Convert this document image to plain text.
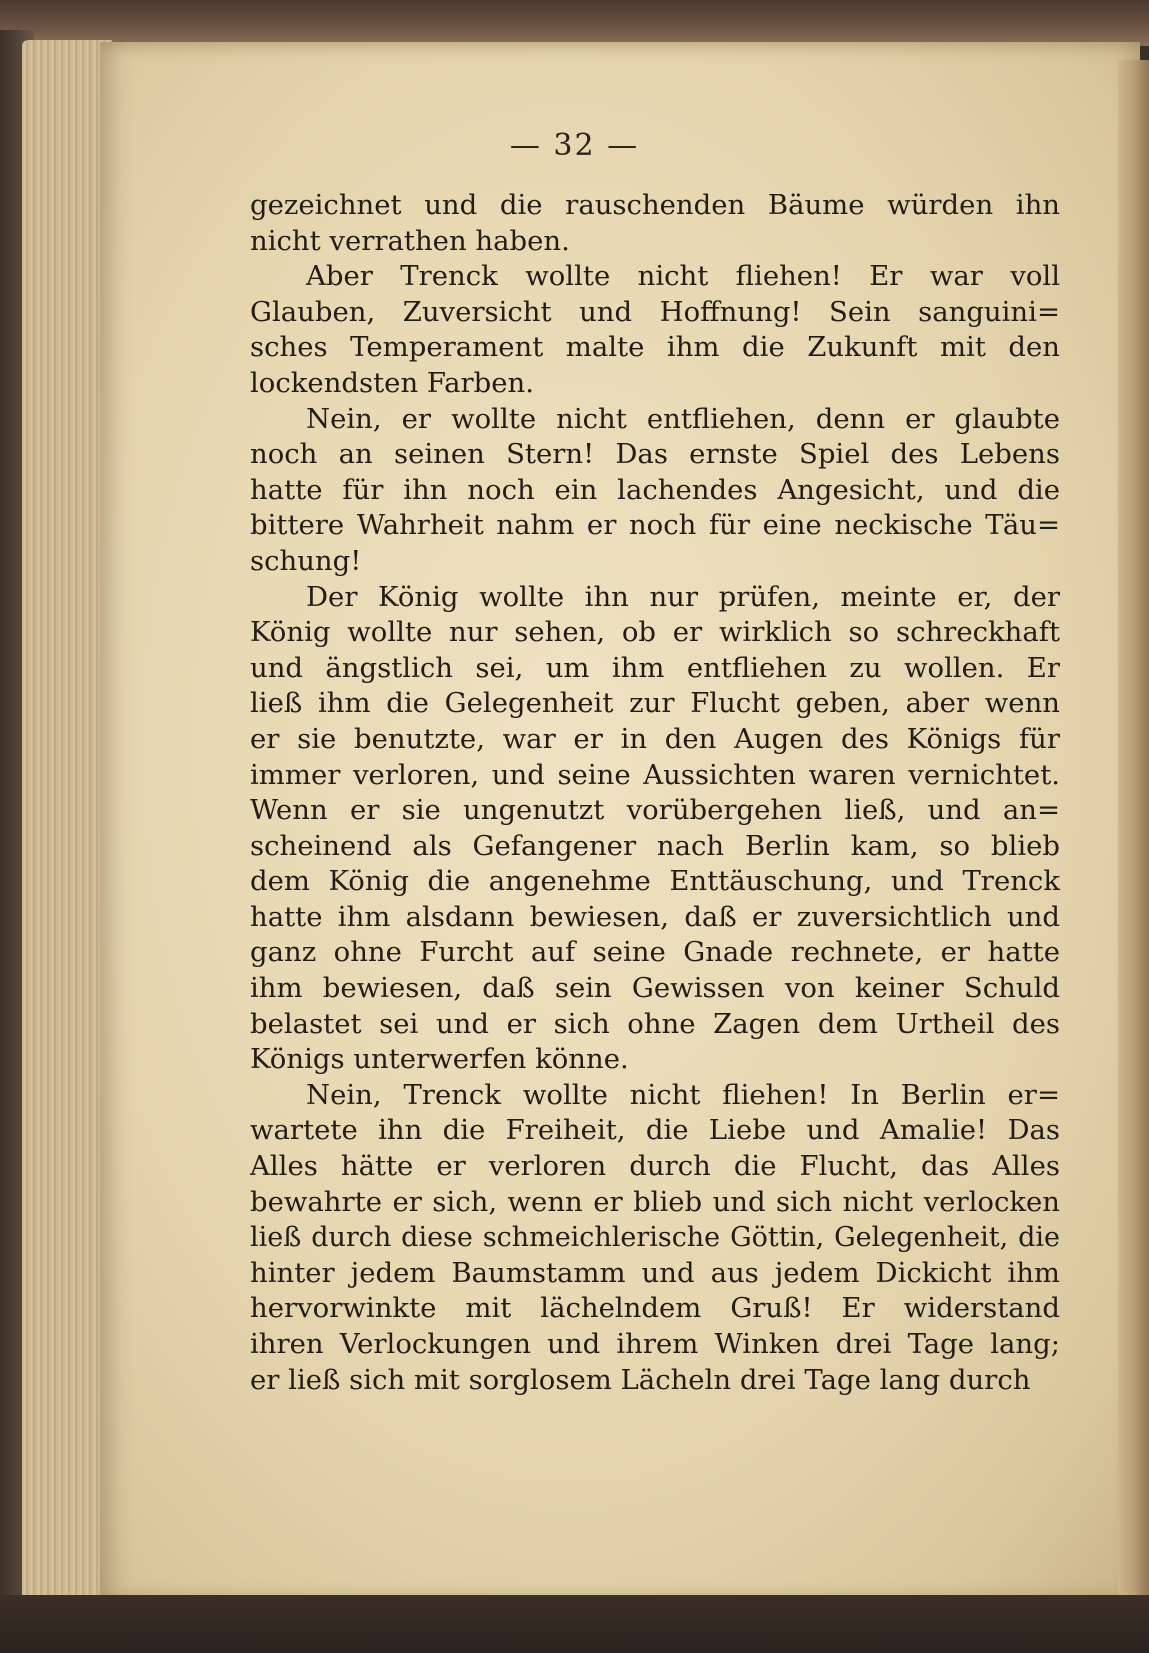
— 32 —
gezeichnet und die rauschenden Bäume würden ihn
nicht verrathen haben.
Aber Trenck wollte nicht fliehen! Er war voll
Glauben, Zuversicht und Hoffnung! Sein sanguini=
sches Temperament malte ihm die Zukunft mit den
lockendsten Farben.
Nein, er wollte nicht entfliehen, denn er glaubte
noch an seinen Stern! Das ernste Spiel des Lebens
hatte für ihn noch ein lachendes Angesicht, und die
bittere Wahrheit nahm er noch für eine neckische Täu=
schung!
Der König wollte ihn nur prüfen, meinte er, der
König wollte nur sehen, ob er wirklich so schreckhaft
und ängstlich sei, um ihm entfliehen zu wollen. Er
ließ ihm die Gelegenheit zur Flucht geben, aber wenn
er sie benutzte, war er in den Augen des Königs für
immer verloren, und seine Aussichten waren vernichtet.
Wenn er sie ungenutzt vorübergehen ließ, und an=
scheinend als Gefangener nach Berlin kam, so blieb
dem König die angenehme Enttäuschung, und Trenck
hatte ihm alsdann bewiesen, daß er zuversichtlich und
ganz ohne Furcht auf seine Gnade rechnete, er hatte
ihm bewiesen, daß sein Gewissen von keiner Schuld
belastet sei und er sich ohne Zagen dem Urtheil des
Königs unterwerfen könne.
Nein, Trenck wollte nicht fliehen! In Berlin er=
wartete ihn die Freiheit, die Liebe und Amalie! Das
Alles hätte er verloren durch die Flucht, das Alles
bewahrte er sich, wenn er blieb und sich nicht verlocken
ließ durch diese schmeichlerische Göttin, Gelegenheit, die
hinter jedem Baumstamm und aus jedem Dickicht ihm
hervorwinkte mit lächelndem Gruß! Er widerstand
ihren Verlockungen und ihrem Winken drei Tage lang;
er ließ sich mit sorglosem Lächeln drei Tage lang durch
